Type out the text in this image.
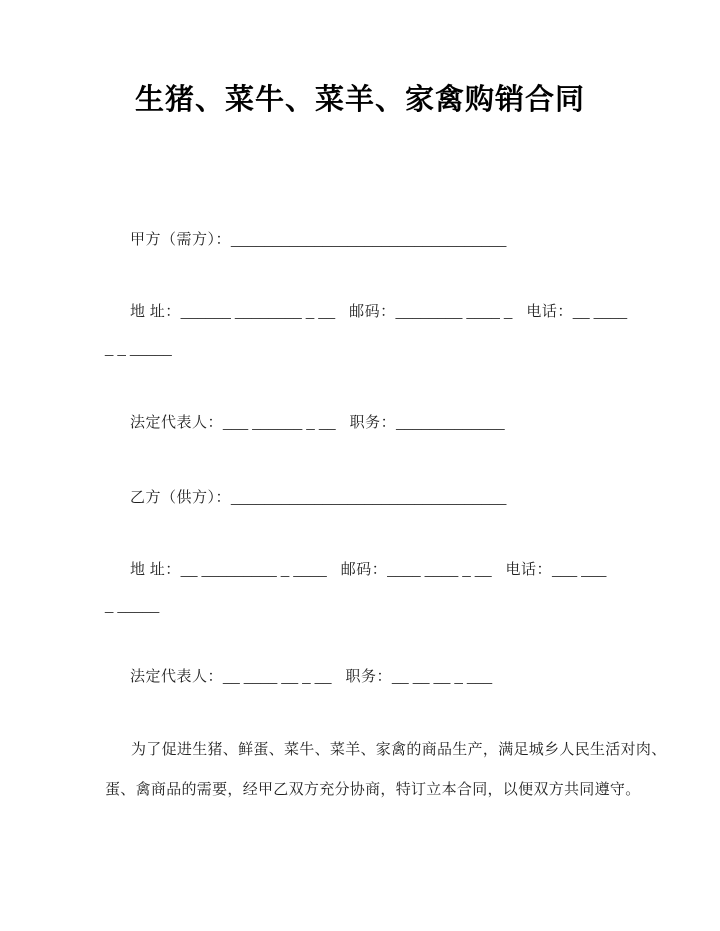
生猪、菜牛、菜羊、家禽购销合同
甲方（需方）：_________________________________
地 址：______ ________ _ __ 邮码：________ ____ _ 电话：__ ____
_ _ _____
法定代表人：___ ______ _ __ 职务：_____________
乙方（供方）：_________________________________
地 址：__ _________ _ ____ 邮码：____ ____ _ __ 电话：___ ___
_ _____
法定代表人：__ ____ __ _ __ 职务：__ __ __ _ ___
为了促进生猪、鲜蛋、菜牛、菜羊、家禽的商品生产，满足城乡人民生活对肉、
蛋、禽商品的需要，经甲乙双方充分协商，特订立本合同，以便双方共同遵守。
